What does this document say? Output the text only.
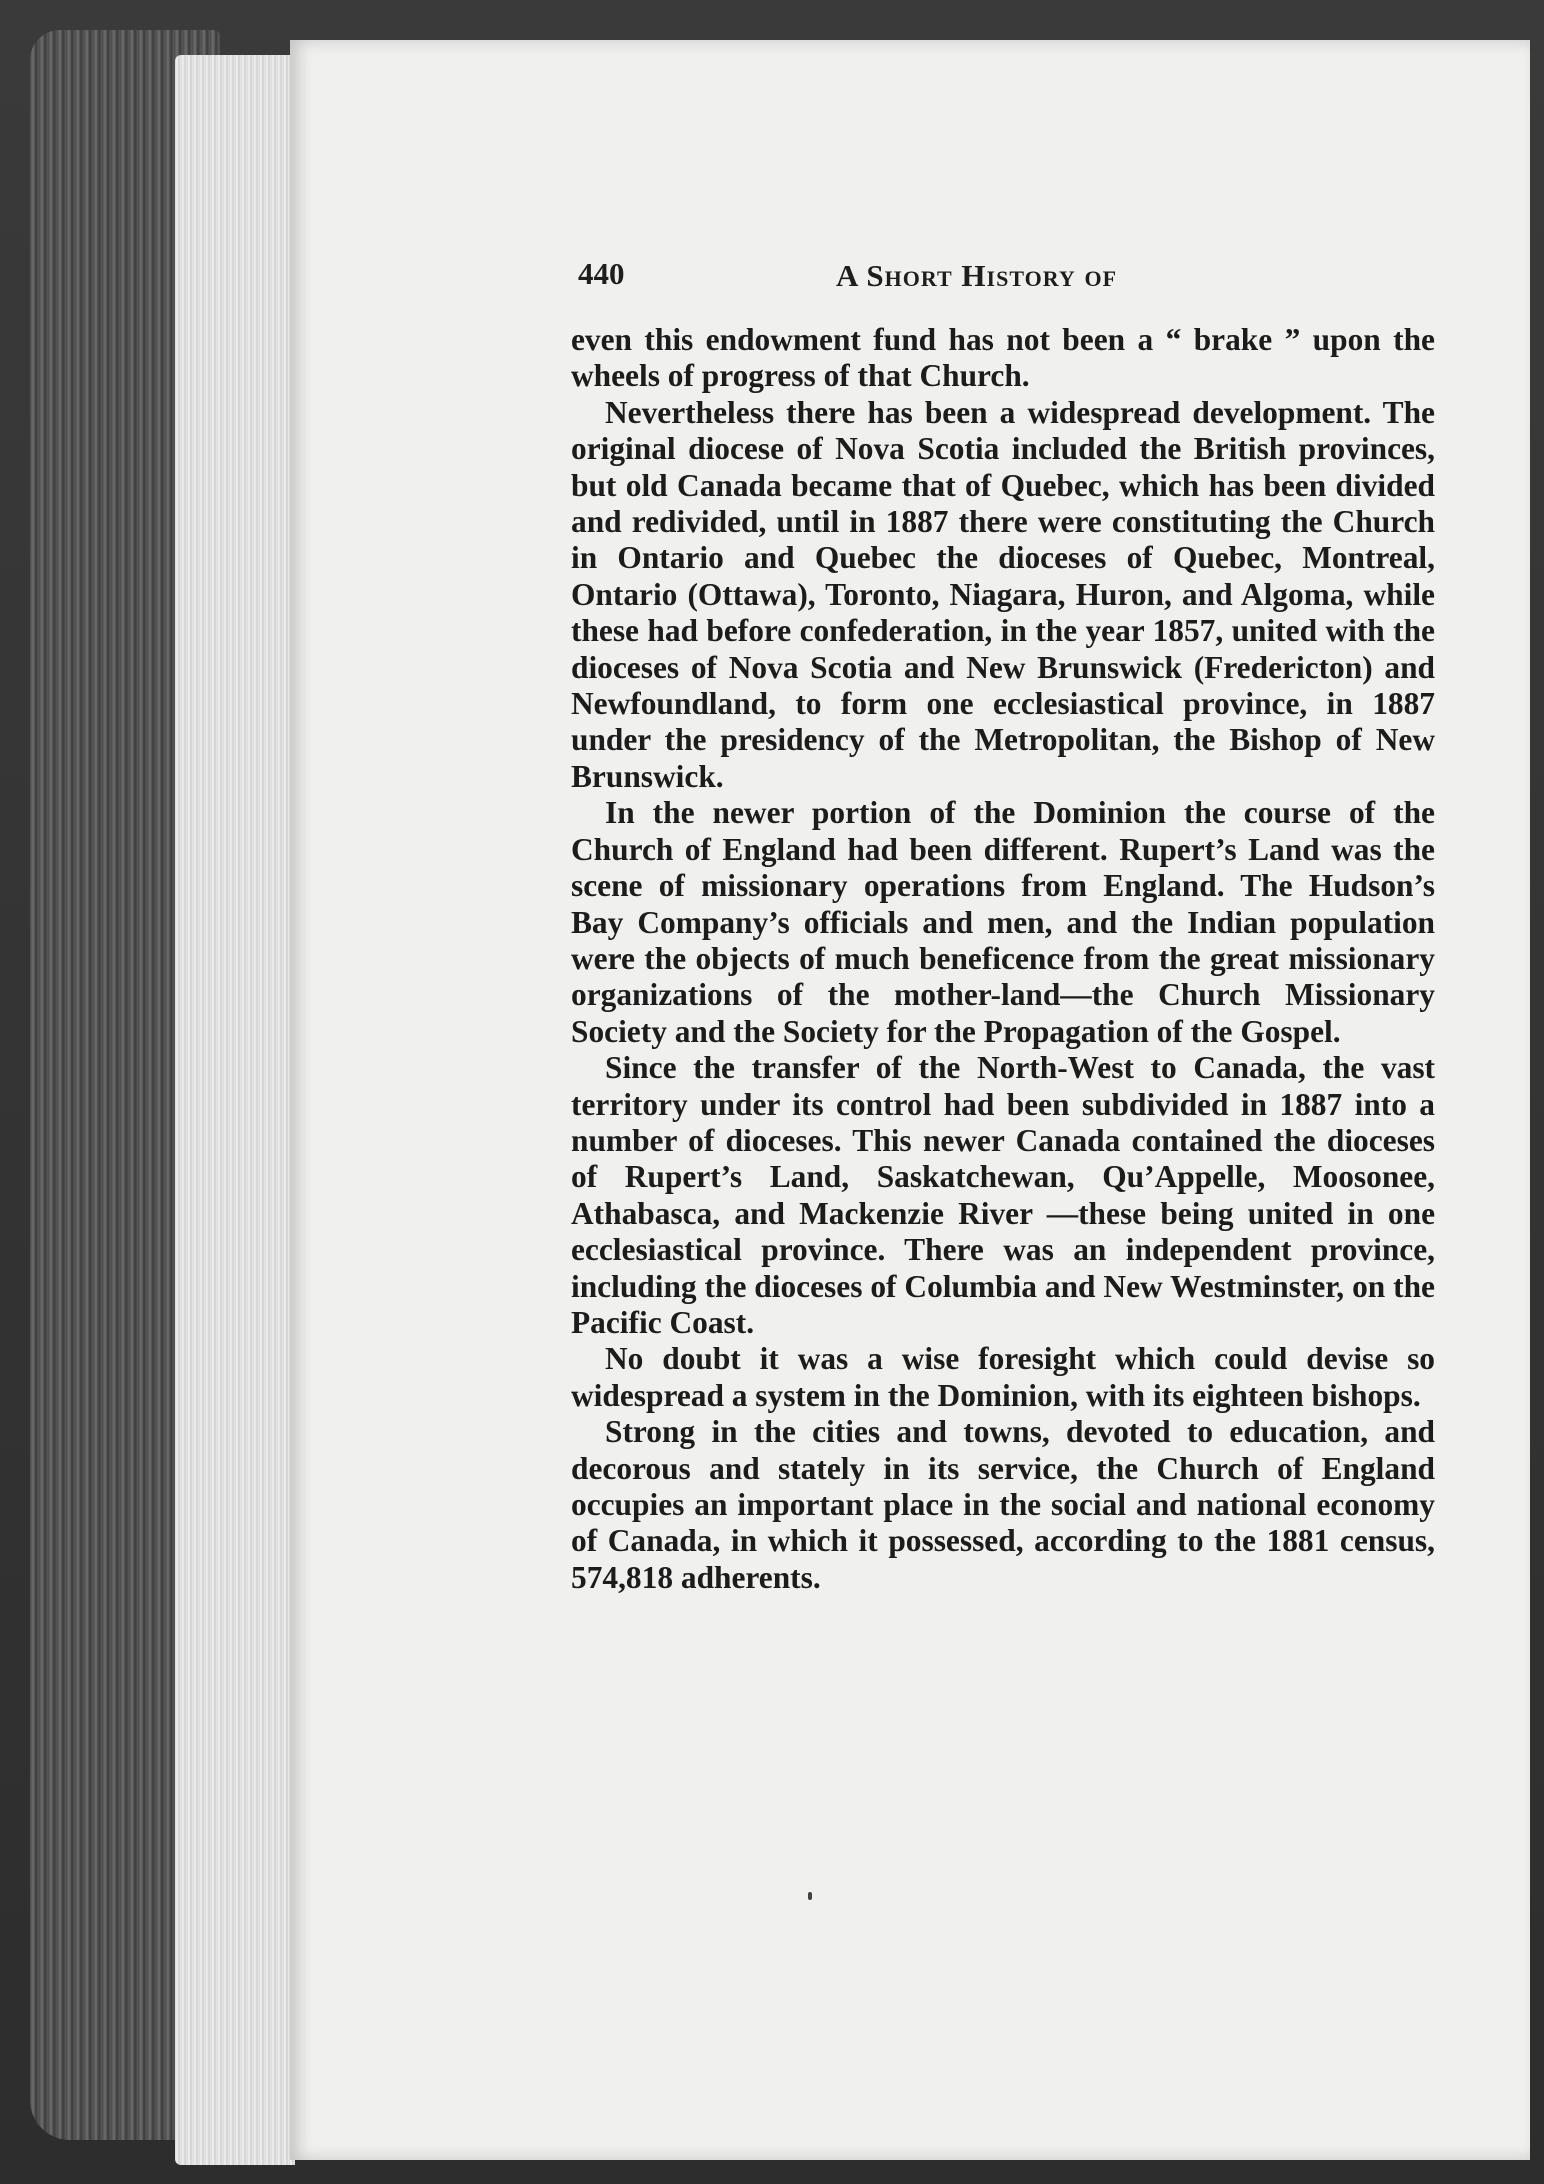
440	A Short History of

even this endowment fund has not been a “ brake ” upon the wheels of progress of that Church.

Nevertheless there has been a widespread development. The original diocese of Nova Scotia included the British provinces, but old Canada became that of Quebec, which has been divided and redivided, until in 1887 there were constituting the Church in Ontario and Quebec the dioceses of Quebec, Montreal, Ontario (Ottawa), Toronto, Niagara, Huron, and Algoma, while these had before confederation, in the year 1857, united with the dioceses of Nova Scotia and New Brunswick (Fredericton) and Newfoundland, to form one ecclesiastical province, in 1887 under the presidency of the Metropolitan, the Bishop of New Brunswick.

In the newer portion of the Dominion the course of the Church of England had been different. Rupert’s Land was the scene of missionary operations from England. The Hudson’s Bay Company’s officials and men, and the Indian population were the objects of much beneficence from the great missionary organizations of the mother-land—the Church Missionary Society and the Society for the Propagation of the Gospel.

Since the transfer of the North-West to Canada, the vast territory under its control had been subdivided in 1887 into a number of dioceses. This newer Canada contained the dioceses of Rupert’s Land, Saskatchewan, Qu’Appelle, Moosonee, Athabasca, and Mackenzie River —these being united in one ecclesiastical province. There was an independent province, including the dioceses of Columbia and New Westminster, on the Pacific Coast.

No doubt it was a wise foresight which could devise so widespread a system in the Dominion, with its eighteen bishops.

Strong in the cities and towns, devoted to education, and decorous and stately in its service, the Church of England occupies an important place in the social and national economy of Canada, in which it possessed, according to the 1881 census, 574,818 adherents.
